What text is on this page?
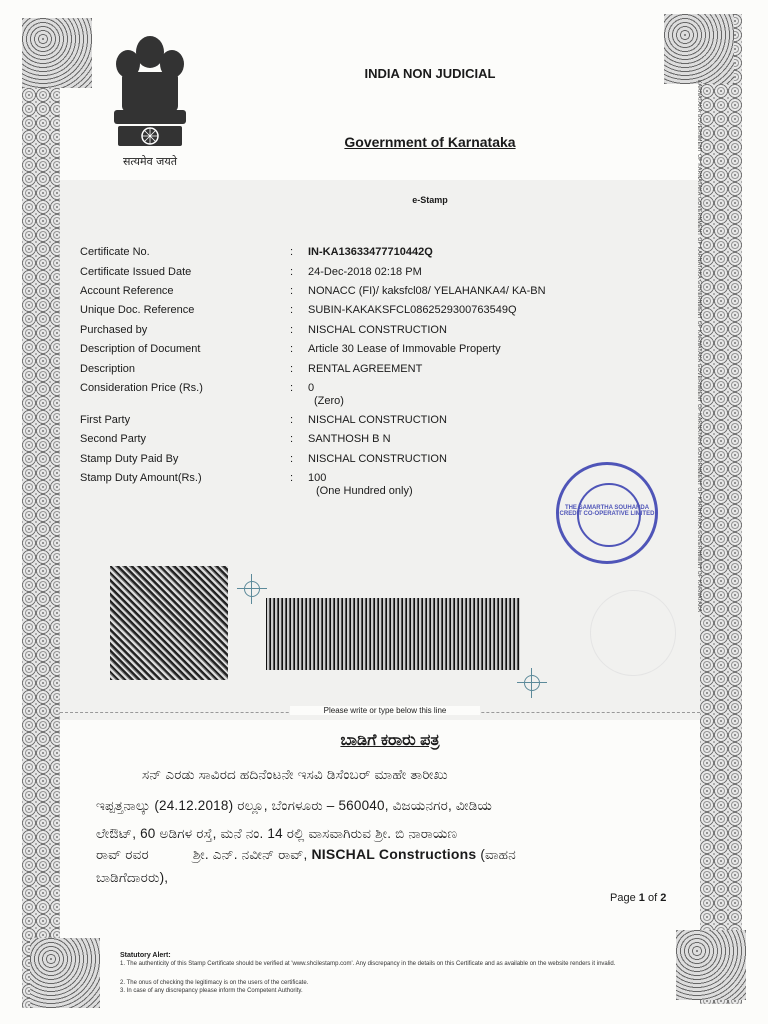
KARNATAKA GOVERNMENT OF KARNATAKA GOVERNMENT OF KARNATAKA GOVERNMENT OF KARNATAKA GOVERNMENT OF KARNATAKA GOVERNMENT OF KARNATAKA GOVERNMENT OF KARNATAKA
सत्यमेव जयते
INDIA NON JUDICIAL
Government of Karnataka
e-Stamp
Certificate No.	: IN-KA13633477710442Q
Certificate Issued Date	: 24-Dec-2018 02:18 PM
Account Reference	: NONACC (FI)/ kaksfcl08/ YELAHANKA4/ KA-BN
Unique Doc. Reference	: SUBIN-KAKAKSFCL0862529300763549Q
Purchased by	: NISCHAL CONSTRUCTION
Description of Document	: Article 30 Lease of Immovable Property
Description	: RENTAL AGREEMENT
Consideration Price (Rs.)	: 0
(Zero)
First Party	: NISCHAL CONSTRUCTION
Second Party	: SANTHOSH B N
Stamp Duty Paid By	: NISCHAL CONSTRUCTION
Stamp Duty Amount(Rs.)	: 100
(One Hundred only)
THE SAMARTHA SOUHARDA CREDIT CO-OPERATIVE LIMITED
Please write or type below this line
ಬಾಡಿಗೆ ಕರಾರು ಪತ್ರ
ಸನ್ ಎರಡು ಸಾವಿರದ ಹದಿನೆಂಟನೇ ಇಸವಿ ಡಿಸೆಂಬರ್ ಮಾಹೇ ತಾರೀಖು
ಇಪ್ಪತ್ತನಾಲ್ಕು (24.12.2018) ರಲ್ಲೂ, ಬೆಂಗಳೂರು – 560040, ವಿಜಯನಗರ, ವೀಡಿಯ
ಲೇಔಟ್, 60 ಅಡಿಗಳ ರಸ್ತೆ, ಮನೆ ನಂ. 14 ರಲ್ಲಿ ವಾಸವಾಗಿರುವ ಶ್ರೀ. ಬಿ ನಾರಾಯಣ
ರಾವ್ ರವರ	ಶ್ರೀ. ಎನ್. ನವೀನ್ ರಾವ್, NISCHAL Constructions (ವಾಹನ
ಬಾಡಿಗೆದಾರರು),
Page 1 of 2
Statutory Alert:
1. The authenticity of this Stamp Certificate should be verified at 'www.shcilestamp.com'. Any discrepancy in the details on this Certificate and as available on the website renders it invalid.
2. The onus of checking the legitimacy is on the users of the certificate.
3. In case of any discrepancy please inform the Competent Authority.
